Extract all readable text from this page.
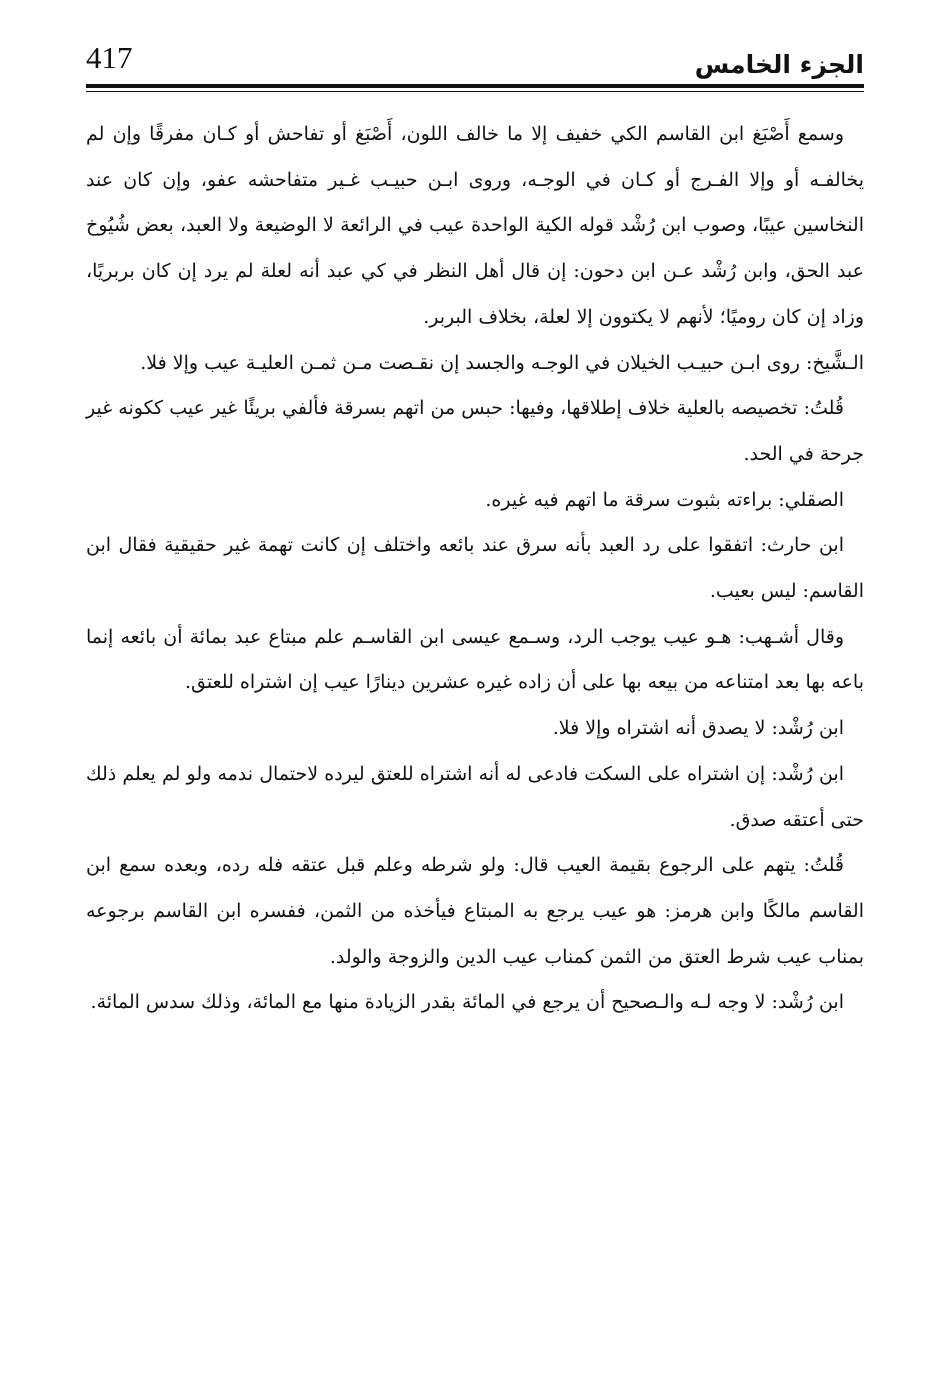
417	الجزء الخامس

وسمع أَصْبَغ ابن القاسم الكي خفيف إلا ما خالف اللون، أَصْبَغ أو تفاحش أو كـان مفرقًا وإن لم يخالفـه أو وإلا الفـرج أو كـان في الوجـه، وروى ابـن حبيـب غـير متفاحشه عفو، وإن كان عند النخاسين عيبًا، وصوب ابن رُشْد قوله الكية الواحدة عيب في الرائعة لا الوضيعة ولا العبد، بعض شُيُوخ عبد الحق، وابن رُشْد عـن ابن دحون: إن قال أهل النظر في كي عبد أنه لعلة لم يرد إن كان بربريًا، وزاد إن كان روميًا؛ لأنهم لا يكتوون إلا لعلة، بخلاف البربر.

الـشَّيخ: روى ابـن حبيـب الخيلان في الوجـه والجسد إن نقـصت مـن ثمـن العليـة عيب وإلا فلا.

قُلتُ: تخصيصه بالعلية خلاف إطلاقها، وفيها: حبس من اتهم بسرقة فألفي بريئًا غير عيب ككونه غير جرحة في الحد.

الصقلي: براءته بثبوت سرقة ما اتهم فيه غيره.

ابن حارث: اتفقوا على رد العبد بأنه سرق عند بائعه واختلف إن كانت تهمة غير حقيقية فقال ابن القاسم: ليس بعيب.

وقال أشـهب: هـو عيب يوجب الرد، وسـمع عيسى ابن القاسـم علم مبتاع عبد بمائة أن بائعه إنما باعه بها بعد امتناعه من بيعه بها على أن زاده غيره عشرين دينارًا عيب إن اشتراه للعتق.

ابن رُشْد: لا يصدق أنه اشتراه وإلا فلا.

ابن رُشْد: إن اشتراه على السكت فادعى له أنه اشتراه للعتق ليرده لاحتمال ندمه ولو لم يعلم ذلك حتى أعتقه صدق.

قُلتُ: يتهم على الرجوع بقيمة العيب قال: ولو شرطه وعلم قبل عتقه فله رده، وبعده سمع ابن القاسم مالكًا وابن هرمز: هو عيب يرجع به المبتاع فيأخذه من الثمن، ففسره ابن القاسم برجوعه بمناب عيب شرط العتق من الثمن كمناب عيب الدين والزوجة والولد.

ابن رُشْد: لا وجه لـه والـصحيح أن يرجع في المائة بقدر الزيادة منها مع المائة، وذلك سدس المائة.
